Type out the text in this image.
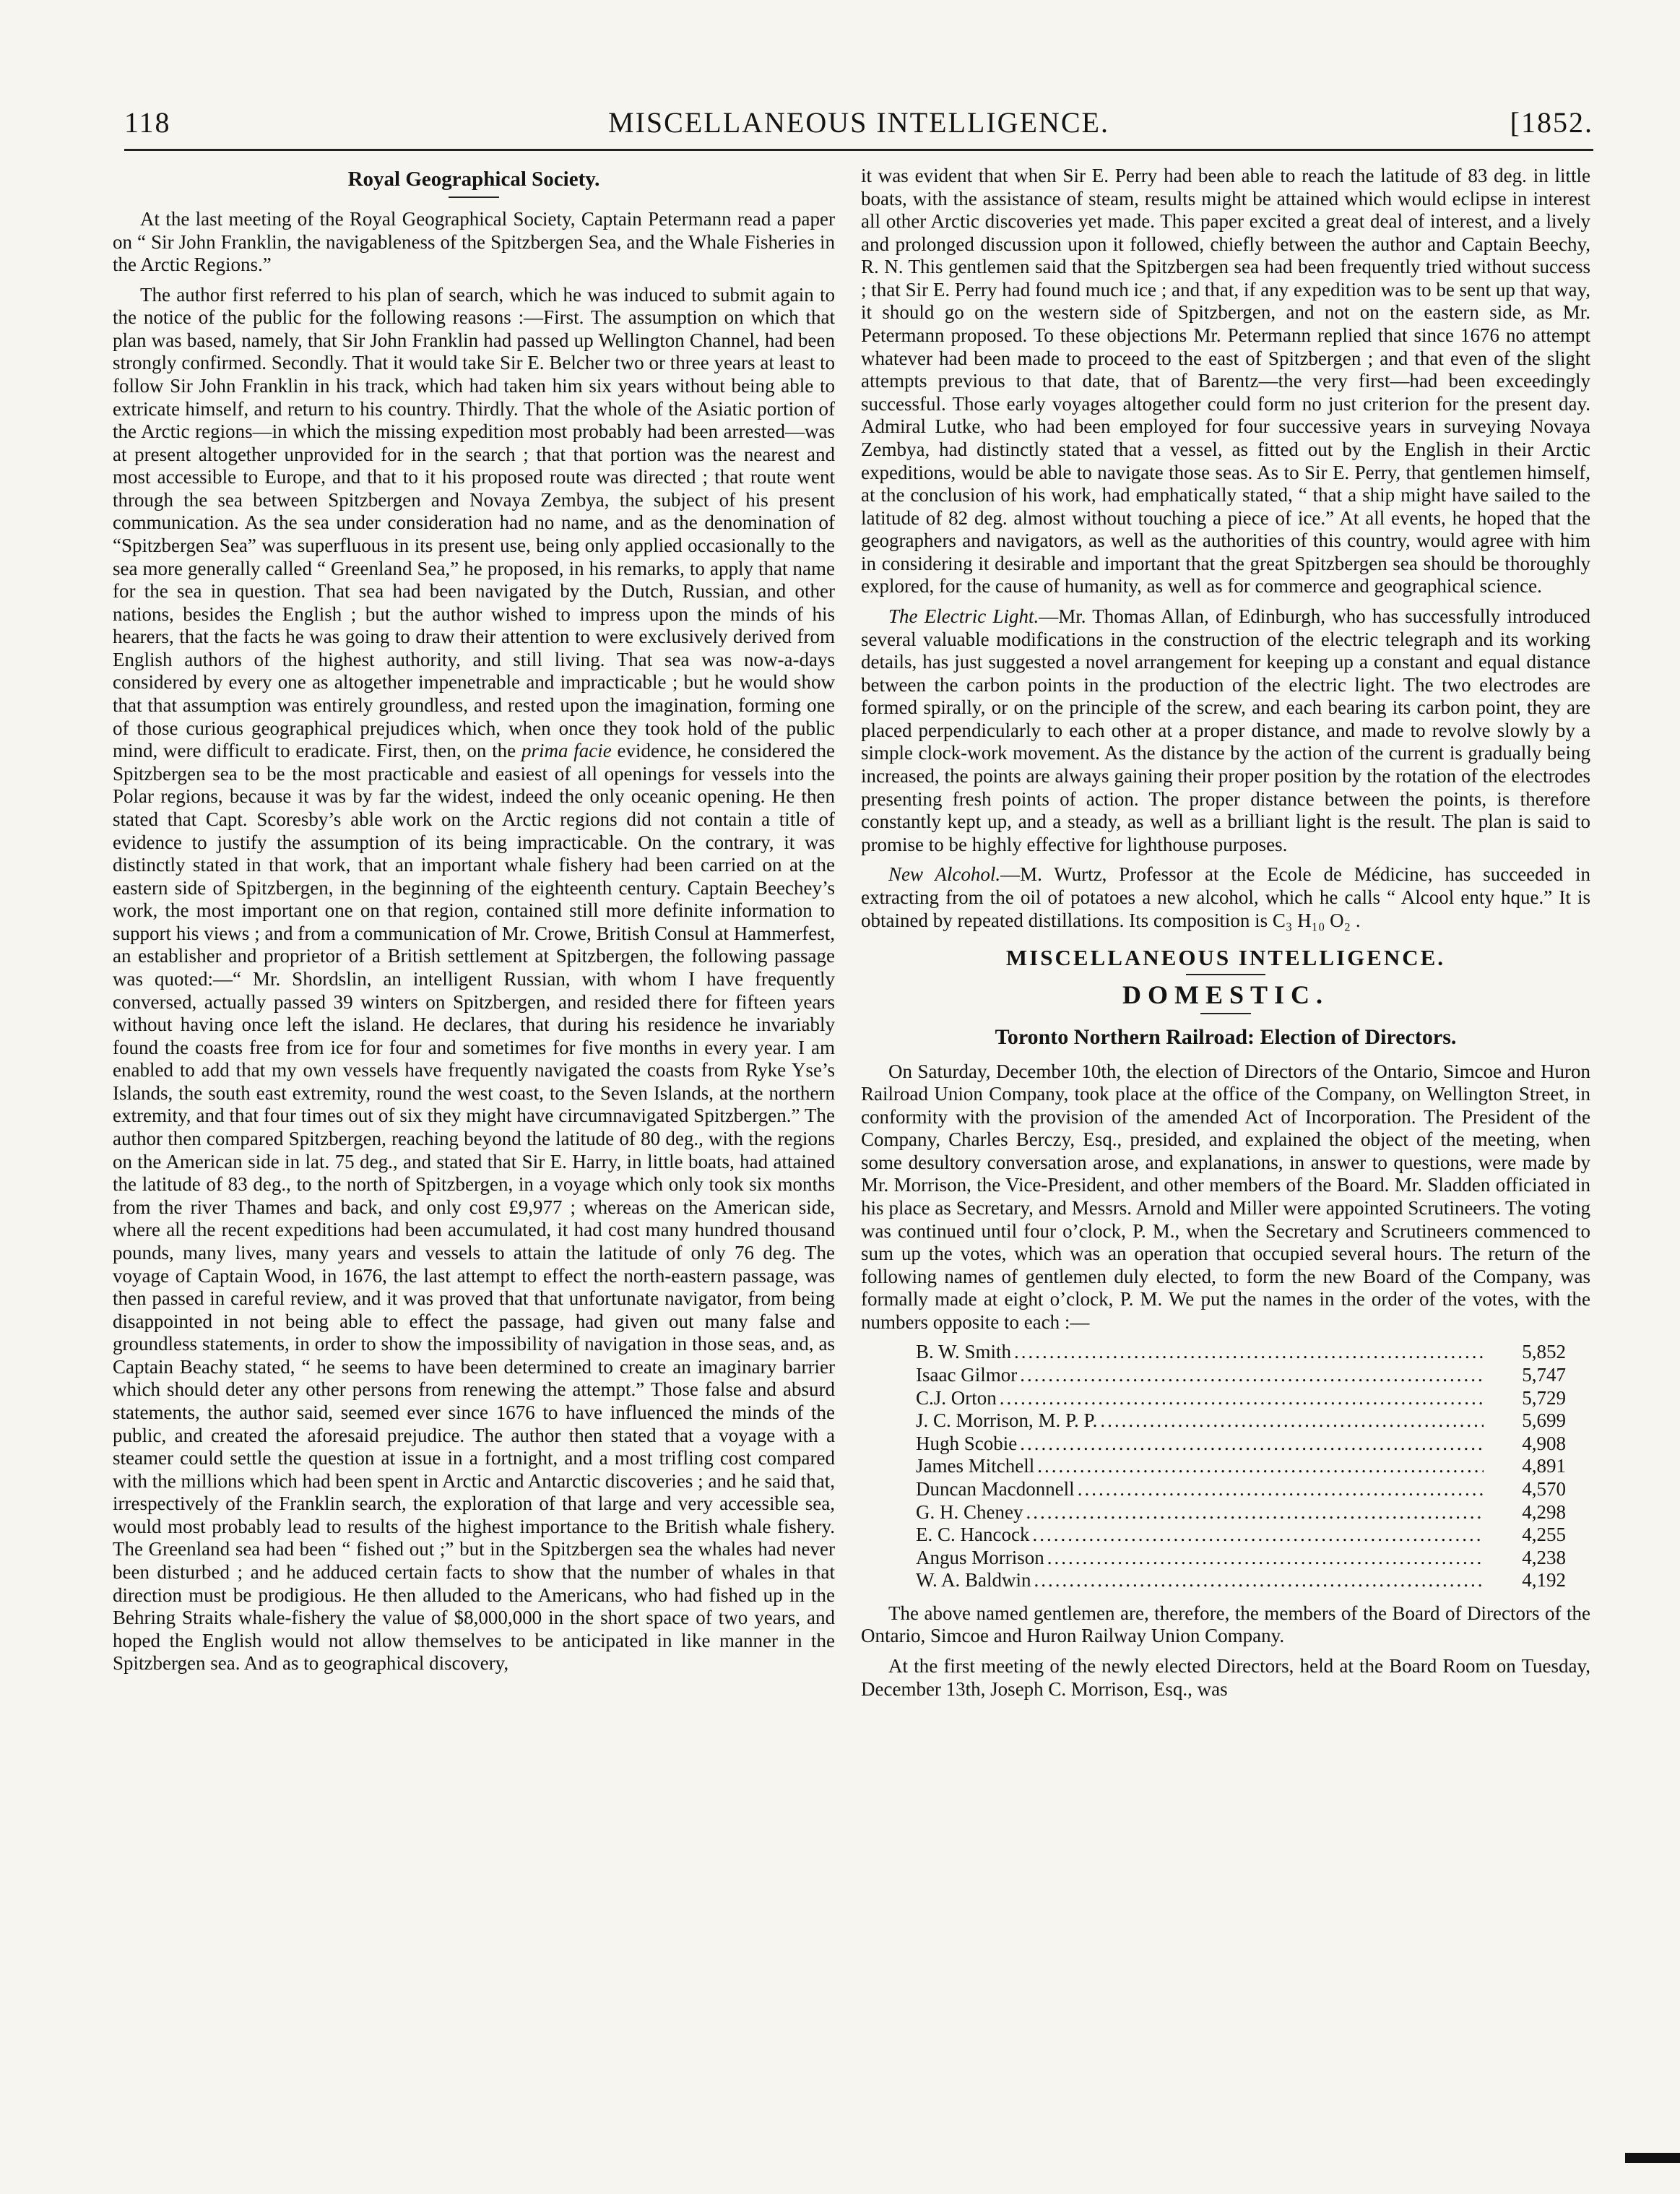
118	MISCELLANEOUS INTELLIGENCE.	[1852.
Royal Geographical Society.

At the last meeting of the Royal Geographical Society, Captain Petermann read a paper on “ Sir John Franklin, the navigableness of the Spitzbergen Sea, and the Whale Fisheries in the Arctic Regions.”

The author first referred to his plan of search, which he was induced to submit again to the notice of the public for the following reasons :—First. The assumption on which that plan was based, namely, that Sir John Franklin had passed up Wellington Channel, had been strongly confirmed. Secondly. That it would take Sir E. Belcher two or three years at least to follow Sir John Franklin in his track, which had taken him six years without being able to extricate himself, and return to his country. Thirdly. That the whole of the Asiatic portion of the Arctic regions—in which the missing expedition most probably had been arrested—was at present altogether unprovided for in the search ; that that portion was the nearest and most accessible to Europe, and that to it his proposed route was directed ; that route went through the sea between Spitzbergen and Novaya Zembya, the subject of his present communication. As the sea under consideration had no name, and as the denomination of “Spitzbergen Sea” was superfluous in its present use, being only applied occasionally to the sea more generally called “ Greenland Sea,” he proposed, in his remarks, to apply that name for the sea in question. That sea had been navigated by the Dutch, Russian, and other nations, besides the English ; but the author wished to impress upon the minds of his hearers, that the facts he was going to draw their attention to were exclusively derived from English authors of the highest authority, and still living. That sea was now-a-days considered by every one as altogether impenetrable and impracticable ; but he would show that that assumption was entirely groundless, and rested upon the imagination, forming one of those curious geographical prejudices which, when once they took hold of the public mind, were difficult to eradicate. First, then, on the prima facie evidence, he considered the Spitzbergen sea to be the most practicable and easiest of all openings for vessels into the Polar regions, because it was by far the widest, indeed the only oceanic opening. He then stated that Capt. Scoresby’s able work on the Arctic regions did not contain a title of evidence to justify the assumption of its being impracticable. On the contrary, it was distinctly stated in that work, that an important whale fishery had been carried on at the eastern side of Spitzbergen, in the beginning of the eighteenth century. Captain Beechey’s work, the most important one on that region, contained still more definite information to support his views ; and from a communication of Mr. Crowe, British Consul at Hammerfest, an establisher and proprietor of a British settlement at Spitzbergen, the following passage was quoted:—“ Mr. Shordslin, an intelligent Russian, with whom I have frequently conversed, actually passed 39 winters on Spitzbergen, and resided there for fifteen years without having once left the island. He declares, that during his residence he invariably found the coasts free from ice for four and sometimes for five months in every year. I am enabled to add that my own vessels have frequently navigated the coasts from Ryke Yse’s Islands, the south east extremity, round the west coast, to the Seven Islands, at the northern extremity, and that four times out of six they might have circumnavigated Spitzbergen.” The author then compared Spitzbergen, reaching beyond the latitude of 80 deg., with the regions on the American side in lat. 75 deg., and stated that Sir E. Harry, in little boats, had attained the latitude of 83 deg., to the north of Spitzbergen, in a voyage which only took six months from the river Thames and back, and only cost £9,977 ; whereas on the American side, where all the recent expeditions had been accumulated, it had cost many hundred thousand pounds, many lives, many years and vessels to attain the latitude of only 76 deg. The voyage of Captain Wood, in 1676, the last attempt to effect the north-eastern passage, was then passed in careful review, and it was proved that that unfortunate navigator, from being disappointed in not being able to effect the passage, had given out many false and groundless statements, in order to show the impossibility of navigation in those seas, and, as Captain Beachy stated, “ he seems to have been determined to create an imaginary barrier which should deter any other persons from renewing the attempt.” Those false and absurd statements, the author said, seemed ever since 1676 to have influenced the minds of the public, and created the aforesaid prejudice. The author then stated that a voyage with a steamer could settle the question at issue in a fortnight, and a most trifling cost compared with the millions which had been spent in Arctic and Antarctic discoveries ; and he said that, irrespectively of the Franklin search, the exploration of that large and very accessible sea, would most probably lead to results of the highest importance to the British whale fishery. The Greenland sea had been “ fished out ;” but in the Spitzbergen sea the whales had never been disturbed ; and he adduced certain facts to show that the number of whales in that direction must be prodigious. He then alluded to the Americans, who had fished up in the Behring Straits whale-fishery the value of $8,000,000 in the short space of two years, and hoped the English would not allow themselves to be anticipated in like manner in the Spitzbergen sea. And as to geographical discovery,

it was evident that when Sir E. Perry had been able to reach the latitude of 83 deg. in little boats, with the assistance of steam, results might be attained which would eclipse in interest all other Arctic discoveries yet made. This paper excited a great deal of interest, and a lively and prolonged discussion upon it followed, chiefly between the author and Captain Beechy, R. N. This gentlemen said that the Spitzbergen sea had been frequently tried without success ; that Sir E. Perry had found much ice ; and that, if any expedition was to be sent up that way, it should go on the western side of Spitzbergen, and not on the eastern side, as Mr. Petermann proposed. To these objections Mr. Petermann replied that since 1676 no attempt whatever had been made to proceed to the east of Spitzbergen ; and that even of the slight attempts previous to that date, that of Barentz—the very first—had been exceedingly successful. Those early voyages altogether could form no just criterion for the present day. Admiral Lutke, who had been employed for four successive years in surveying Novaya Zembya, had distinctly stated that a vessel, as fitted out by the English in their Arctic expeditions, would be able to navigate those seas. As to Sir E. Perry, that gentlemen himself, at the conclusion of his work, had emphatically stated, “ that a ship might have sailed to the latitude of 82 deg. almost without touching a piece of ice.” At all events, he hoped that the geographers and navigators, as well as the authorities of this country, would agree with him in considering it desirable and important that the great Spitzbergen sea should be thoroughly explored, for the cause of humanity, as well as for commerce and geographical science.

The Electric Light.—Mr. Thomas Allan, of Edinburgh, who has successfully introduced several valuable modifications in the construction of the electric telegraph and its working details, has just suggested a novel arrangement for keeping up a constant and equal distance between the carbon points in the production of the electric light. The two electrodes are formed spirally, or on the principle of the screw, and each bearing its carbon point, they are placed perpendicularly to each other at a proper distance, and made to revolve slowly by a simple clock-work movement. As the distance by the action of the current is gradually being increased, the points are always gaining their proper position by the rotation of the electrodes presenting fresh points of action. The proper distance between the points, is therefore constantly kept up, and a steady, as well as a brilliant light is the result. The plan is said to promise to be highly effective for lighthouse purposes.

New Alcohol.—M. Wurtz, Professor at the Ecole de Médicine, has succeeded in extracting from the oil of potatoes a new alcohol, which he calls “ Alcool enty hque.” It is obtained by repeated distillations. Its composition is C₃ H₁₀ O₂ .

MISCELLANEOUS INTELLIGENCE.
DOMESTIC.
Toronto Northern Railroad: Election of Directors.

On Saturday, December 10th, the election of Directors of the Ontario, Simcoe and Huron Railroad Union Company, took place at the office of the Company, on Wellington Street, in conformity with the provision of the amended Act of Incorporation. The President of the Company, Charles Berczy, Esq., presided, and explained the object of the meeting, when some desultory conversation arose, and explanations, in answer to questions, were made by Mr. Morrison, the Vice-President, and other members of the Board. Mr. Sladden officiated in his place as Secretary, and Messrs. Arnold and Miller were appointed Scrutineers. The voting was continued until four o’clock, P. M., when the Secretary and Scrutineers commenced to sum up the votes, which was an operation that occupied several hours. The return of the following names of gentlemen duly elected, to form the new Board of the Company, was formally made at eight o’clock, P. M. We put the names in the order of the votes, with the numbers opposite to each :—

B. W. Smith .....	5,852
Isaac Gilmor .....	5,747
C.J. Orton .....	5,729
J. C. Morrison, M. P. P. .....	5,699
Hugh Scobie .....	4,908
James Mitchell .....	4,891
Duncan Macdonnell .....	4,570
G. H. Cheney .....	4,298
E. C. Hancock .....	4,255
Angus Morrison .....	4,238
W. A. Baldwin .....	4,192

The above named gentlemen are, therefore, the members of the Board of Directors of the Ontario, Simcoe and Huron Railway Union Company.

At the first meeting of the newly elected Directors, held at the Board Room on Tuesday, December 13th, Joseph C. Morrison, Esq., was
